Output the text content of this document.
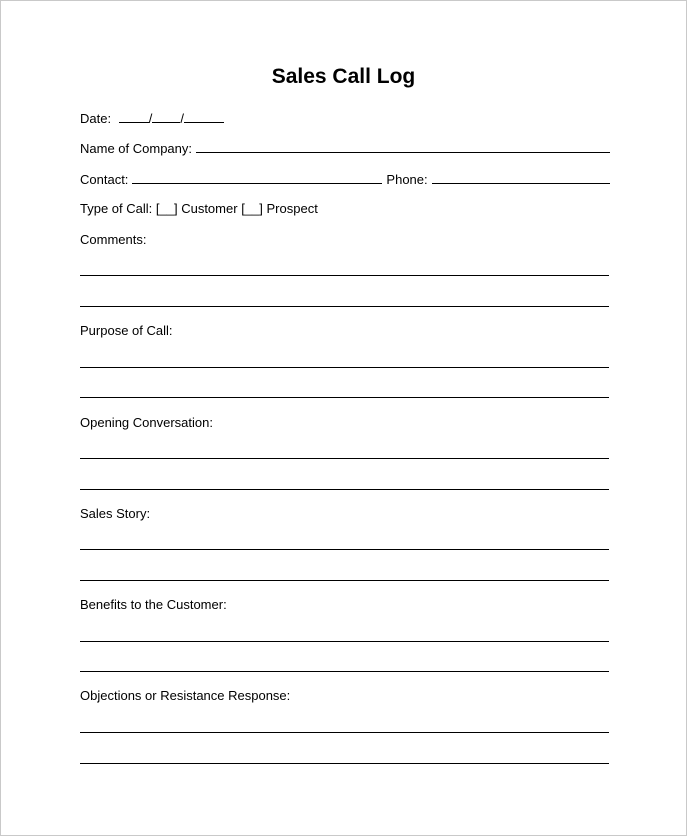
Sales Call Log
Date:	/ /
Name of Company:
Contact:	Phone:
Type of Call: [__] Customer [__] Prospect
Comments:
Purpose of Call:
Opening Conversation:
Sales Story:
Benefits to the Customer:
Objections or Resistance Response:
